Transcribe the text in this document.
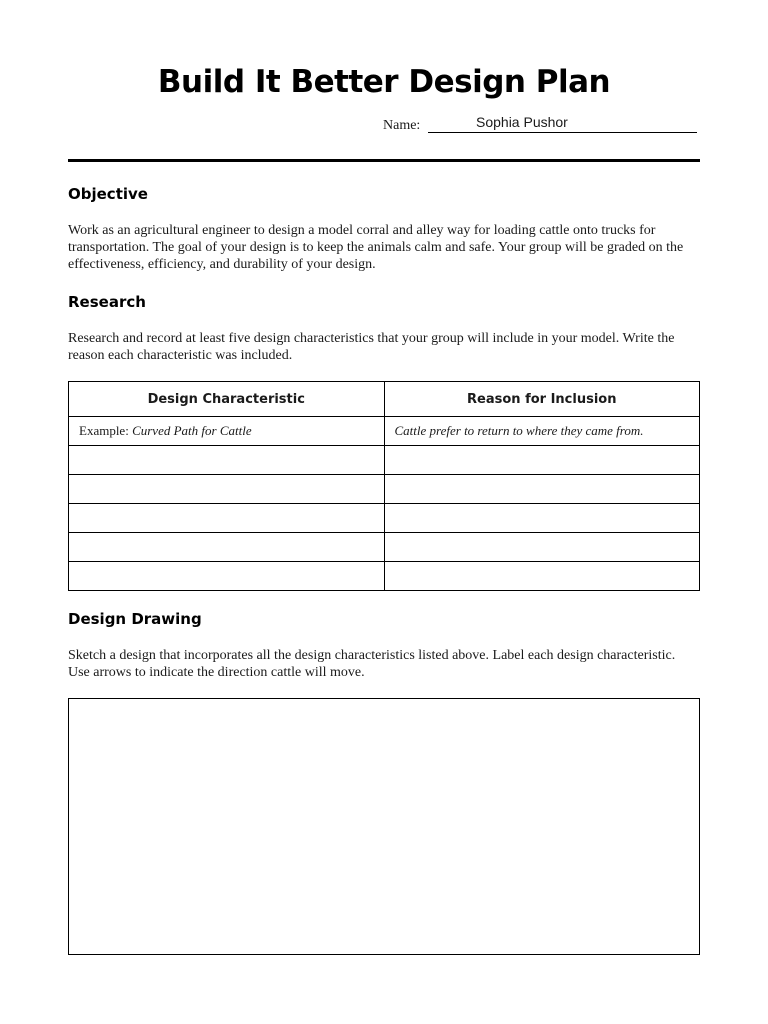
Build It Better Design Plan
Name:	Sophia Pushor
Objective
Work as an agricultural engineer to design a model corral and alley way for loading cattle onto trucks for transportation. The goal of your design is to keep the animals calm and safe. Your group will be graded on the effectiveness, efficiency, and durability of your design.
Research
Research and record at least five design characteristics that your group will include in your model. Write the reason each characteristic was included.
Design Characteristic	Reason for Inclusion
Example: Curved Path for Cattle	Cattle prefer to return to where they came from.

Design Drawing
Sketch a design that incorporates all the design characteristics listed above. Label each design characteristic. Use arrows to indicate the direction cattle will move.
